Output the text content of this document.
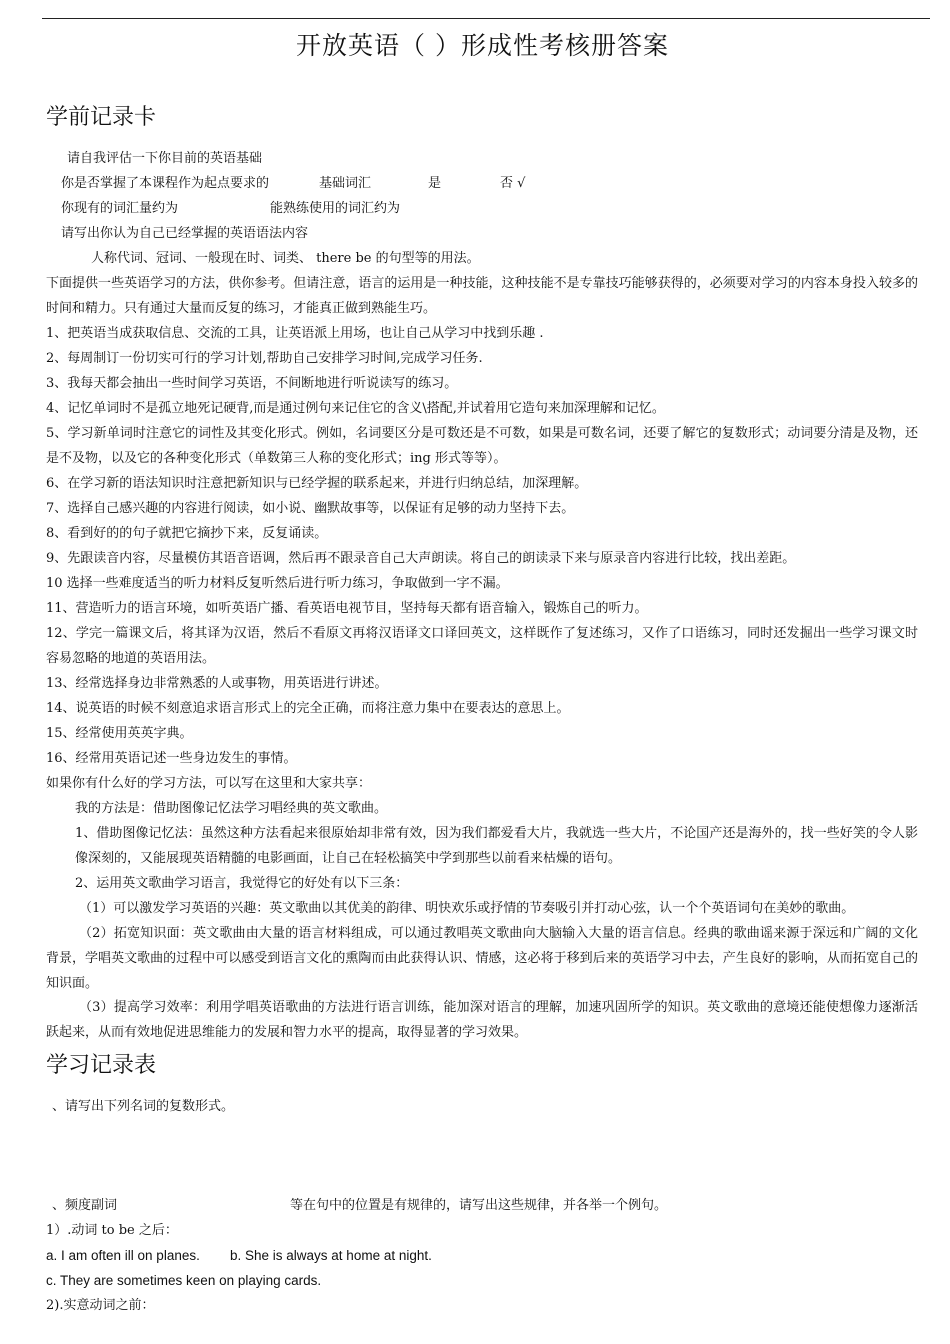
开放英语（ ）形成性考核册答案
学前记录卡
请自我评估一下你目前的英语基础
你是否掌握了本课程作为起点要求的	基础词汇	是	否 √
你现有的词汇量约为	能熟练使用的词汇约为
请写出你认为自己已经掌握的英语语法内容
人称代词、冠词、一般现在时、词类、 there be 的句型等的用法。
下面提供一些英语学习的方法，供你参考。但请注意，语言的运用是一种技能，这种技能不是专靠技巧能够获得的，必须要对学习的内容本身投入较多的时间和精力。只有通过大量而反复的练习，才能真正做到熟能生巧。
1、把英语当成获取信息、交流的工具，让英语派上用场，也让自己从学习中找到乐趣 .
2、每周制订一份切实可行的学习计划,帮助自己安排学习时间,完成学习任务.
3、我每天都会抽出一些时间学习英语，不间断地进行听说读写的练习。
4、记忆单词时不是孤立地死记硬背,而是通过例句来记住它的含义\搭配,并试着用它造句来加深理解和记忆。
5、学习新单词时注意它的词性及其变化形式。例如，名词要区分是可数还是不可数，如果是可数名词，还要了解它的复数形式；动词要分清是及物，还是不及物，以及它的各种变化形式（单数第三人称的变化形式；ing 形式等等）。
6、在学习新的语法知识时注意把新知识与已经学握的联系起来，并进行归纳总结，加深理解。
7、选择自己感兴趣的内容进行阅读，如小说、幽默故事等，以保证有足够的动力坚持下去。
8、看到好的的句子就把它摘抄下来，反复诵读。
9、先跟读音内容，尽量模仿其语音语调，然后再不跟录音自己大声朗读。将自己的朗读录下来与原录音内容进行比较，找出差距。
10 选择一些难度适当的听力材料反复听然后进行听力练习，争取做到一字不漏。
11、营造听力的语言环境，如听英语广播、看英语电视节目，坚持每天都有语音输入，锻炼自己的听力。
12、学完一篇课文后，将其译为汉语，然后不看原文再将汉语译文口译回英文，这样既作了复述练习，又作了口语练习，同时还发掘出一些学习课文时容易忽略的地道的英语用法。
13、经常选择身边非常熟悉的人或事物，用英语进行讲述。
14、说英语的时候不刻意追求语言形式上的完全正确，而将注意力集中在要表达的意思上。
15、经常使用英英字典。
16、经常用英语记述一些身边发生的事情。
如果你有什么好的学习方法，可以写在这里和大家共享：
我的方法是：借助图像记忆法学习唱经典的英文歌曲。
1、借助图像记忆法：虽然这种方法看起来很原始却非常有效，因为我们都爱看大片，我就选一些大片，不论国产还是海外的，找一些好笑的令人影像深刻的，又能展现英语精髓的电影画面，让自己在轻松搞笑中学到那些以前看来枯燥的语句。
2、运用英文歌曲学习语言，我觉得它的好处有以下三条：
（1）可以激发学习英语的兴趣：英文歌曲以其优美的韵律、明快欢乐或抒情的节奏吸引并打动心弦，认一个个英语词句在美妙的歌曲。
（2）拓宽知识面：英文歌曲由大量的语言材料组成，可以通过教唱英文歌曲向大脑输入大量的语言信息。经典的歌曲谣来源于深远和广阔的文化背景，学唱英文歌曲的过程中可以感受到语言文化的熏陶而由此获得认识、情感，这必将于移到后来的英语学习中去，产生良好的影响，从而拓宽自己的知识面。
（3）提高学习效率：利用学唱英语歌曲的方法进行语言训练，能加深对语言的理解，加速巩固所学的知识。英文歌曲的意境还能使想像力逐渐活跃起来，从而有效地促进思维能力的发展和智力水平的提高，取得显著的学习效果。
学习记录表
、请写出下列名词的复数形式。
、频度副词	等在句中的位置是有规律的，请写出这些规律，并各举一个例句。
1）.动词 to be 之后：
a. I am often ill on planes. b. She is always at home at night.
c. They are sometimes keen on playing cards.
2).实意动词之前：
